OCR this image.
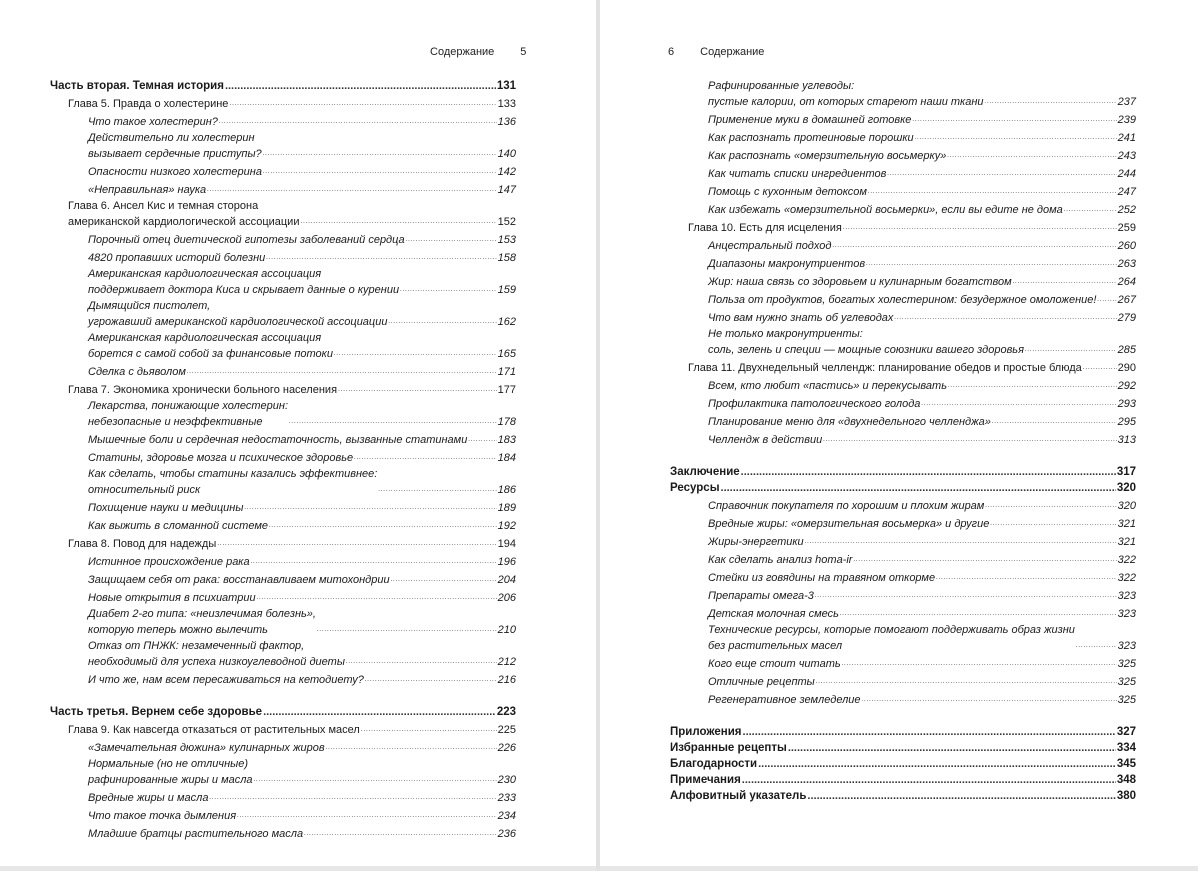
Содержание 5
Часть вторая. Темная история .....	131
Глава 5. Правда о холестерине .....	133
Что такое холестерин? .....	136
Действительно ли холестерин
вызывает сердечные приступы? .....	140
Опасности низкого холестерина .....	142
«Неправильная» наука .....	147
Глава 6. Ансел Кис и темная сторона
американской кардиологической ассоциации .....	152
Порочный отец диетической гипотезы заболеваний сердца .....	153
4820 пропавших историй болезни .....	158
Американская кардиологическая ассоциация
поддерживает доктора Киса и скрывает данные о курении .....	159
Дымящийся пистолет,
угрожавший американской кардиологической ассоциации .....	162
Американская кардиологическая ассоциация
борется с самой собой за финансовые потоки .....	165
Сделка с дьяволом .....	171
Глава 7. Экономика хронически больного населения .....	177
Лекарства, понижающие холестерин:
небезопасные и неэффективные .....	178
Мышечные боли и сердечная недостаточность, вызванные статинами .....	183
Статины, здоровье мозга и психическое здоровье .....	184
Как сделать, чтобы статины казались эффективнее:
относительный риск .....	186
Похищение науки и медицины .....	189
Как выжить в сломанной системе .....	192
Глава 8. Повод для надежды .....	194
Истинное происхождение рака .....	196
Защищаем себя от рака: восстанавливаем митохондрии .....	204
Новые открытия в психиатрии .....	206
Диабет 2-го типа: «неизлечимая болезнь»,
которую теперь можно вылечить .....	210
Отказ от ПНЖК: незамеченный фактор,
необходимый для успеха низкоуглеводной диеты .....	212
И что же, нам всем пересаживаться на кетодиету? .....	216
Часть третья. Вернем себе здоровье .....	223
Глава 9. Как навсегда отказаться от растительных масел .....	225
«Замечательная дюжина» кулинарных жиров .....	226
Нормальные (но не отличные)
рафинированные жиры и масла .....	230
Вредные жиры и масла .....	233
Что такое точка дымления .....	234
Младшие братцы растительного масла .....	236
6 Содержание
Рафинированные углеводы:
пустые калории, от которых стареют наши ткани .....	237
Применение муки в домашней готовке .....	239
Как распознать протеиновые порошки .....	241
Как распознать «омерзительную восьмерку» .....	243
Как читать списки ингредиентов .....	244
Помощь с кухонным детоксом .....	247
Как избежать «омерзительной восьмерки», если вы едите не дома .....	252
Глава 10. Есть для исцеления .....	259
Анцестральный подход .....	260
Диапазоны макронутриентов .....	263
Жир: наша связь со здоровьем и кулинарным богатством .....	264
Польза от продуктов, богатых холестерином: безудержное омоложение! ..... 267
Что вам нужно знать об углеводах .....	279
Не только макронутриенты:
соль, зелень и специи — мощные союзники вашего здоровья .....	285
Глава 11. Двухнедельный челлендж: планирование обедов и простые блюда .....	290
Всем, кто любит «пастись» и перекусывать .....	292
Профилактика патологического голода .....	293
Планирование меню для «двухнедельного челленджа» .....	295
Челлендж в действии .....	313
Заключение .....	317
Ресурсы .....	320
Справочник покупателя по хорошим и плохим жирам .....	320
Вредные жиры: «омерзительная восьмерка» и другие .....	321
Жиры-энергетики .....	321
Как сделать анализ homa-ir .....	322
Стейки из говядины на травяном откорме .....	322
Препараты омега-3 .....	323
Детская молочная смесь .....	323
Технические ресурсы, которые помогают поддерживать образ жизни
без растительных масел .....	323
Кого еще стоит читать .....	325
Отличные рецепты .....	325
Регенеративное земледелие .....	325
Приложения .....	327
Избранные рецепты .....	334
Благодарности .....	345
Примечания .....	348
Алфовитный указатель .....	380
